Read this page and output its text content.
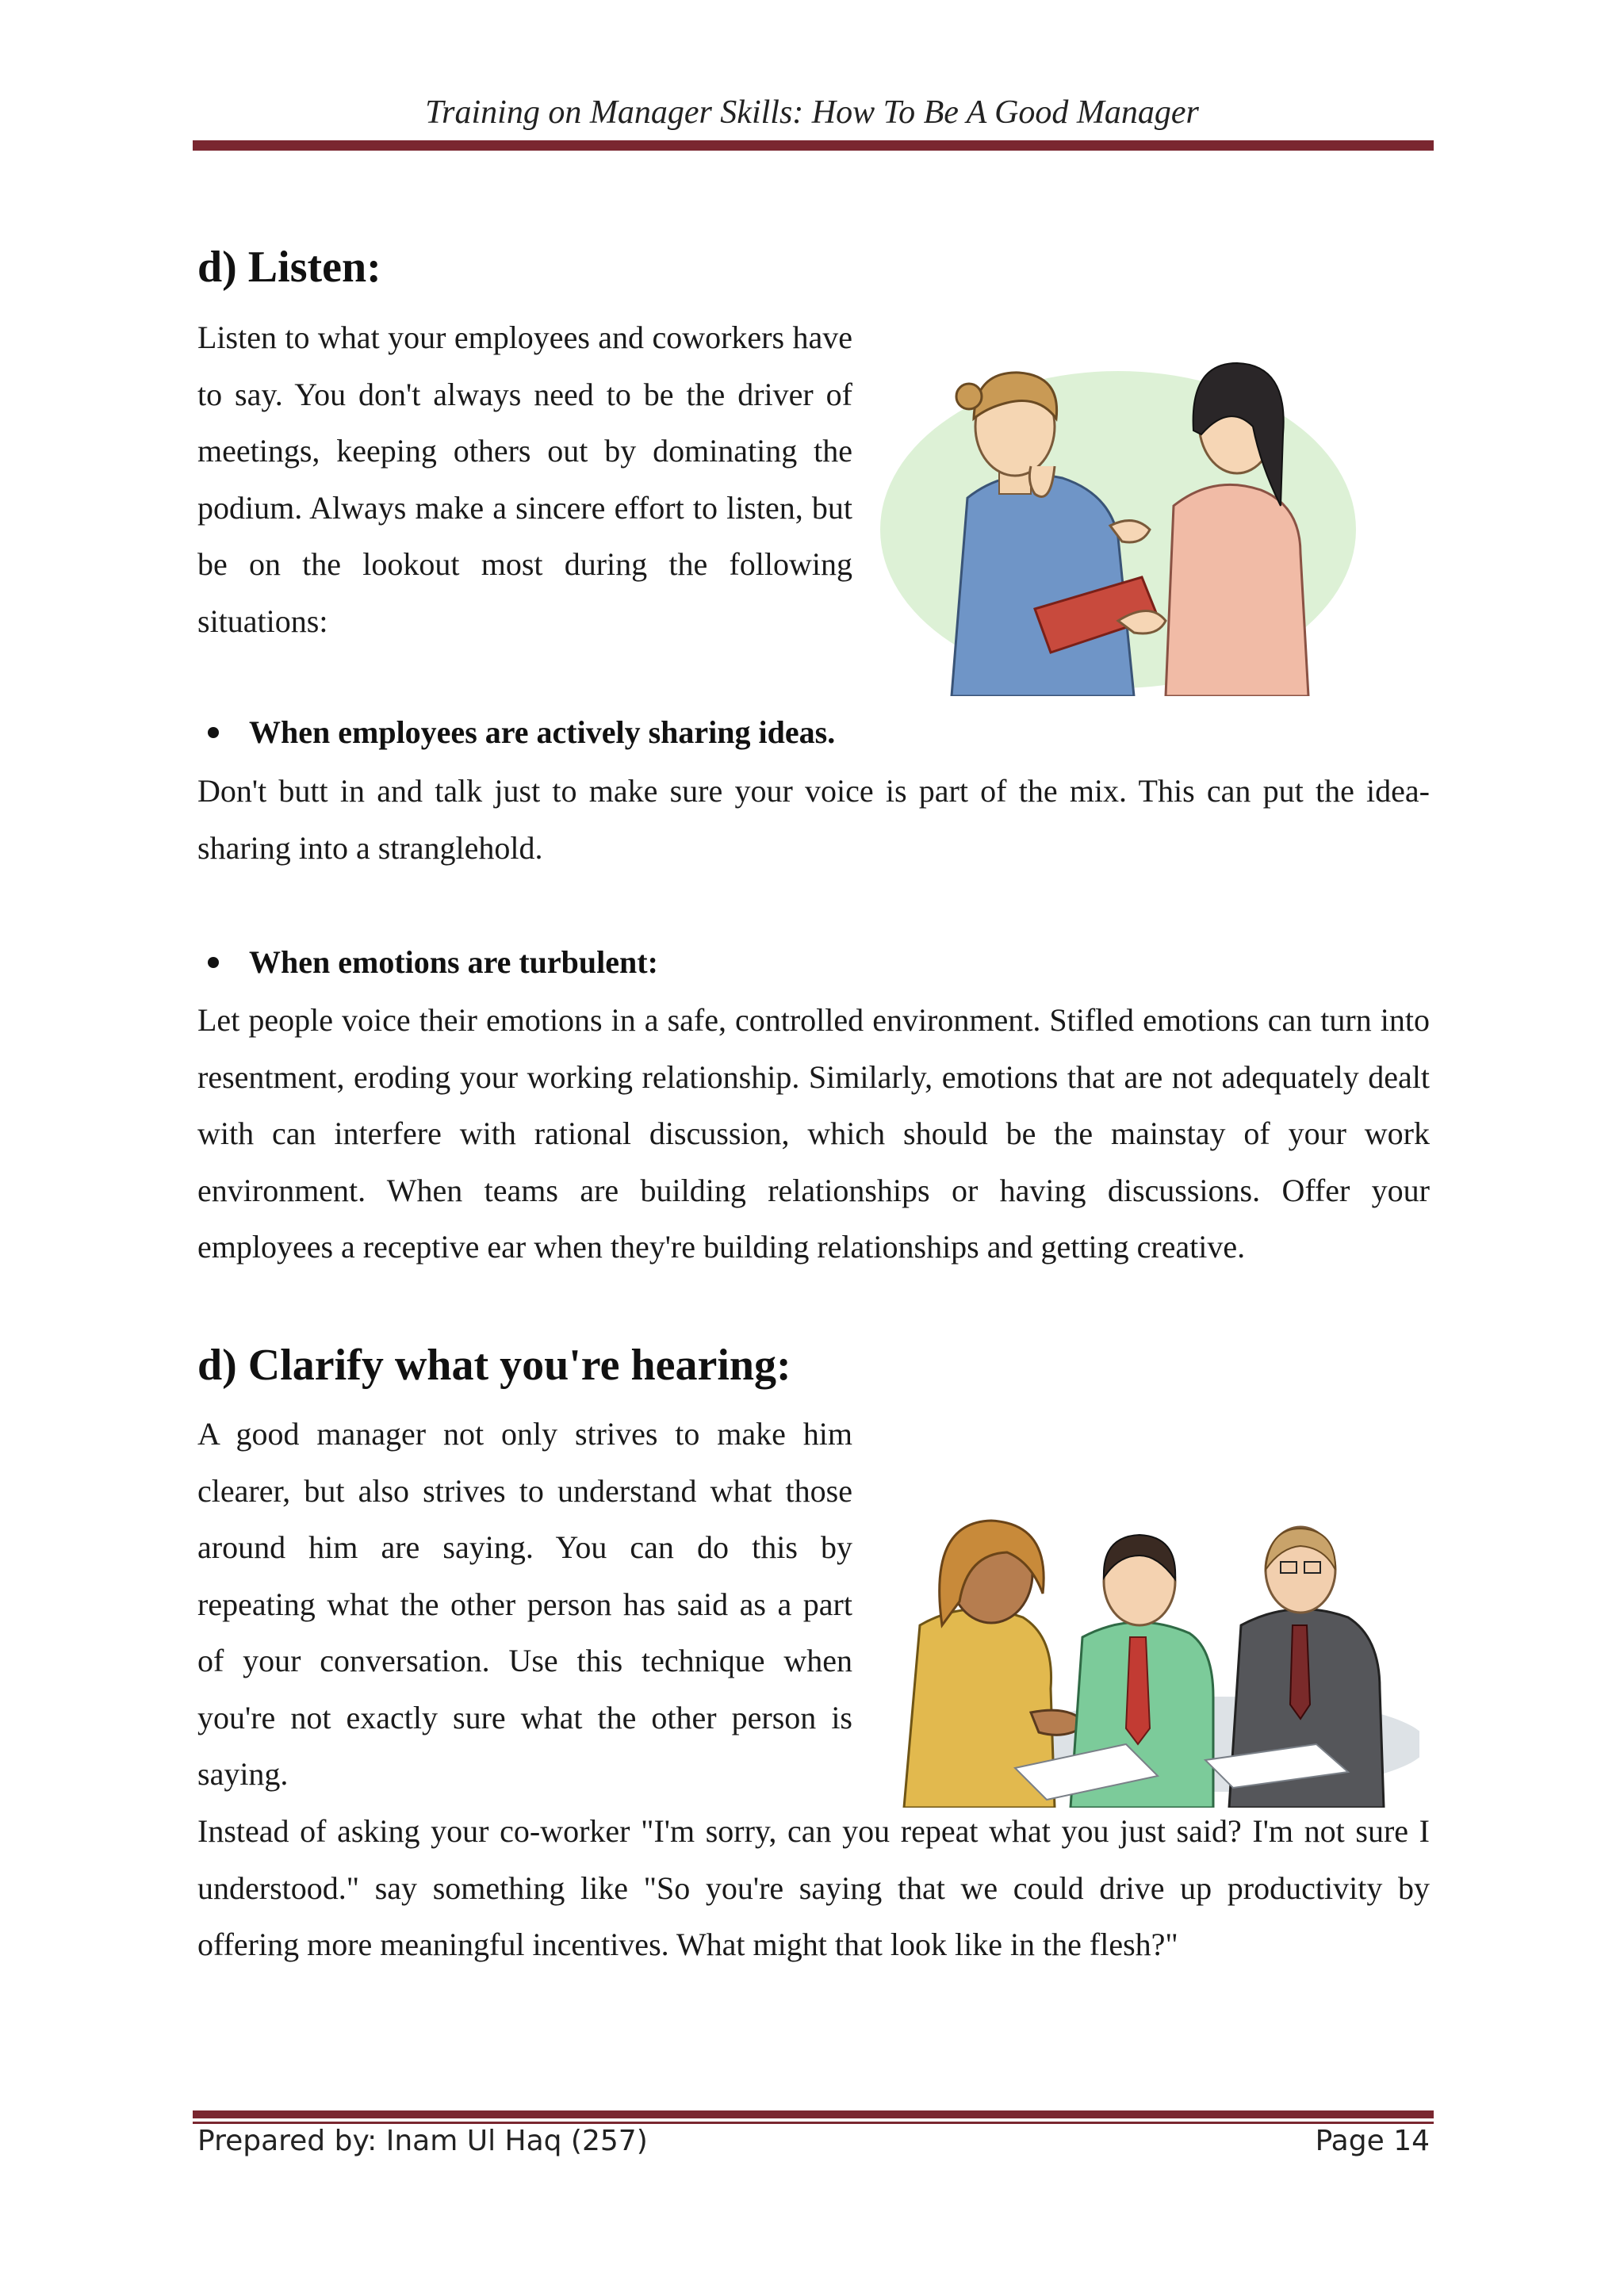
Training on Manager Skills: How To Be A Good Manager
d) Listen:

Listen to what your employees and coworkers have to say. You don't always need to be the driver of meetings, keeping others out by dominating the podium. Always make a sincere effort to listen, but be on the lookout most during the following situations:

When employees are actively sharing ideas.

Don't butt in and talk just to make sure your voice is part of the mix. This can put the idea-sharing into a stranglehold.

When emotions are turbulent:

Let people voice their emotions in a safe, controlled environment. Stifled emotions can turn into resentment, eroding your working relationship. Similarly, emotions that are not adequately dealt with can interfere with rational discussion, which should be the mainstay of your work environment. When teams are building relationships or having discussions. Offer your employees a receptive ear when they're building relationships and getting creative.

d) Clarify what you're hearing:

A good manager not only strives to make him clearer, but also strives to understand what those around him are saying. You can do this by repeating what the other person has said as a part of your conversation. Use this technique when you're not exactly sure what the other person is saying.

Instead of asking your co-worker "I'm sorry, can you repeat what you just said? I'm not sure I understood." say something like "So you're saying that we could drive up productivity by offering more meaningful incentives. What might that look like in the flesh?"

Prepared by: Inam Ul Haq (257)	Page 14
